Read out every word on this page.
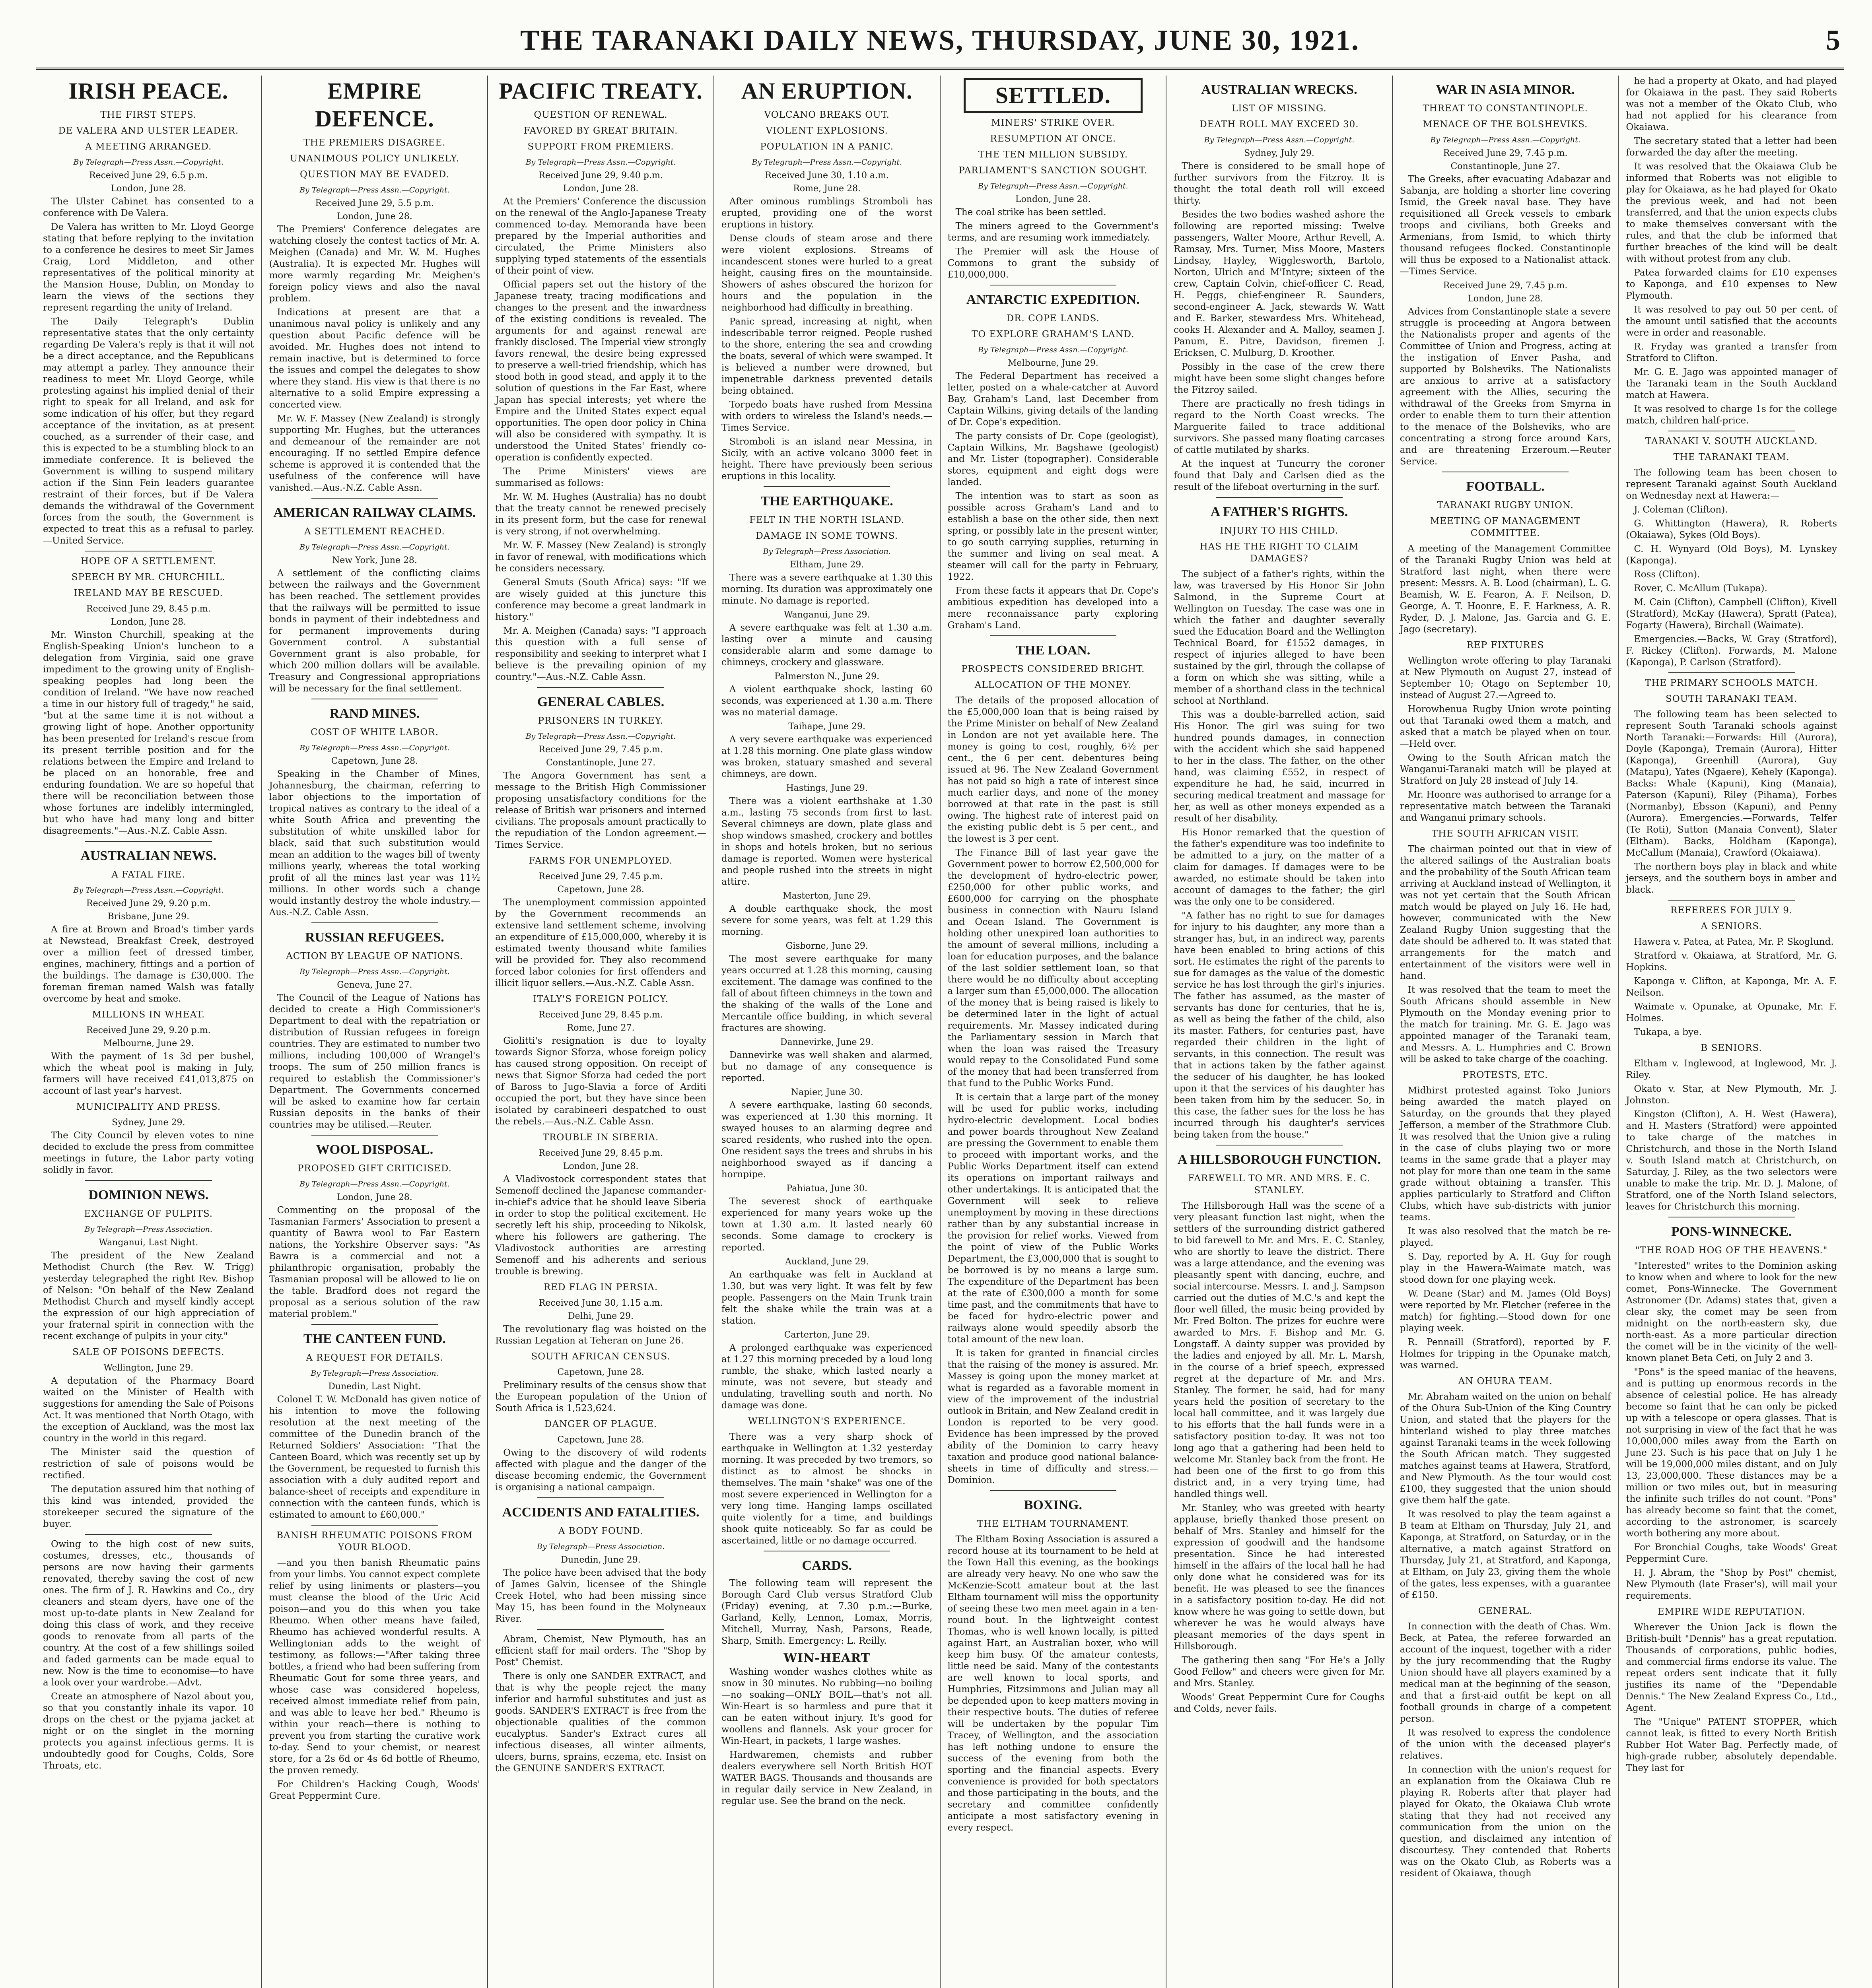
THE TARANAKI DAILY NEWS, THURSDAY, JUNE 30, 1921.	5
IRISH PEACE.
THE FIRST STEPS.
DE VALERA AND ULSTER LEADER.
A MEETING ARRANGED.
By Telegraph—Press Assn.—Copyright.
Received June 29, 6.5 p.m.
London, June 28.

The Ulster Cabinet has consented to a conference with De Valera.

De Valera has written to Mr. Lloyd George stating that before replying to the invitation to a conference he desires to meet Sir James Craig, Lord Middleton, and other representatives of the political minority at the Mansion House, Dublin, on Monday to learn the views of the sections they represent regarding the unity of Ireland.

The Daily Telegraph's Dublin representative states that the only certainty regarding De Valera's reply is that it will not be a direct acceptance, and the Republicans may attempt a parley. They announce their readiness to meet Mr. Lloyd George, while protesting against his implied denial of their right to speak for all Ireland, and ask for some indication of his offer, but they regard acceptance of the invitation, as at present couched, as a surrender of their case, and this is expected to be a stumbling block to an immediate conference. It is believed the Government is willing to suspend military action if the Sinn Fein leaders guarantee restraint of their forces, but if De Valera demands the withdrawal of the Government forces from the south, the Government is expected to treat this as a refusal to parley.—United Service.

HOPE OF A SETTLEMENT.
SPEECH BY MR. CHURCHILL.
IRELAND MAY BE RESCUED.
Received June 29, 8.45 p.m.
London, June 28.

Mr. Winston Churchill, speaking at the English-Speaking Union's luncheon to a delegation from Virginia, said one grave impediment to the growing unity of English-speaking peoples had long been the condition of Ireland. "We have now reached a time in our history full of tragedy," he said, "but at the same time it is not without a growing light of hope. Another opportunity has been presented for Ireland's rescue from its present terrible position and for the relations between the Empire and Ireland to be placed on an honorable, free and enduring foundation. We are so hopeful that there will be reconciliation between those whose fortunes are indelibly intermingled, but who have had many long and bitter disagreements."—Aus.-N.Z. Cable Assn.

AUSTRALIAN NEWS.
A FATAL FIRE.
By Telegraph—Press Assn.—Copyright.
Received June 29, 9.20 p.m.
Brisbane, June 29.

A fire at Brown and Broad's timber yards at Newstead, Breakfast Creek, destroyed over a million feet of dressed timber, engines, machinery, fittings and a portion of the buildings. The damage is £30,000. The foreman fireman named Walsh was fatally overcome by heat and smoke.

MILLIONS IN WHEAT.
Received June 29, 9.20 p.m.
Melbourne, June 29.

With the payment of 1s 3d per bushel, which the wheat pool is making in July, farmers will have received £41,013,875 on account of last year's harvest.

MUNICIPALITY AND PRESS.
Sydney, June 29.

The City Council by eleven votes to nine decided to exclude the press from committee meetings in future, the Labor party voting solidly in favor.

DOMINION NEWS.
EXCHANGE OF PULPITS.
By Telegraph—Press Association.
Wanganui, Last Night.

The president of the New Zealand Methodist Church (the Rev. W. Trigg) yesterday telegraphed the right Rev. Bishop of Nelson: "On behalf of the New Zealand Methodist Church and myself kindly accept the expression of our high appreciation of your fraternal spirit in connection with the recent exchange of pulpits in your city."

SALE OF POISONS DEFECTS.
Wellington, June 29.

A deputation of the Pharmacy Board waited on the Minister of Health with suggestions for amending the Sale of Poisons Act. It was mentioned that North Otago, with the exception of Auckland, was the most lax country in the world in this regard.

The Minister said the question of restriction of sale of poisons would be rectified.

The deputation assured him that nothing of this kind was intended, provided the storekeeper secured the signature of the buyer.

Owing to the high cost of new suits, costumes, dresses, etc., thousands of persons are now having their garments renovated, thereby saving the cost of new ones. The firm of J. R. Hawkins and Co., dry cleaners and steam dyers, have one of the most up-to-date plants in New Zealand for doing this class of work, and they receive goods to renovate from all parts of the country. At the cost of a few shillings soiled and faded garments can be made equal to new. Now is the time to economise—to have a look over your wardrobe.—Advt.

Create an atmosphere of Nazol about you, so that you constantly inhale its vapor. 10 drops on the chest or the pyjama jacket at night or on the singlet in the morning protects you against infectious germs. It is undoubtedly good for Coughs, Colds, Sore Throats, etc.

EMPIRE DEFENCE.
THE PREMIERS DISAGREE.
UNANIMOUS POLICY UNLIKELY.
QUESTION MAY BE EVADED.
By Telegraph—Press Assn.—Copyright.
Received June 29, 5.5 p.m.
London, June 28.

The Premiers' Conference delegates are watching closely the contest tactics of Mr. A. Meighen (Canada) and Mr. W. M. Hughes (Australia). It is expected Mr. Hughes will more warmly regarding Mr. Meighen's foreign policy views and also the naval problem.

Indications at present are that a unanimous naval policy is unlikely and any question about Pacific defence will be avoided. Mr. Hughes does not intend to remain inactive, but is determined to force the issues and compel the delegates to show where they stand. His view is that there is no alternative to a solid Empire expressing a concerted view.

Mr. W. F. Massey (New Zealand) is strongly supporting Mr. Hughes, but the utterances and demeanour of the remainder are not encouraging. If no settled Empire defence scheme is approved it is contended that the usefulness of the conference will have vanished.—Aus.-N.Z. Cable Assn.

AMERICAN RAILWAY CLAIMS.
A SETTLEMENT REACHED.
By Telegraph—Press Assn.—Copyright.
New York, June 28.

A settlement of the conflicting claims between the railways and the Government has been reached. The settlement provides that the railways will be permitted to issue bonds in payment of their indebtedness and for permanent improvements during Government control. A substantial Government grant is also probable, for which 200 million dollars will be available. Treasury and Congressional appropriations will be necessary for the final settlement.

RAND MINES.
COST OF WHITE LABOR.
By Telegraph—Press Assn.—Copyright.
Capetown, June 28.

Speaking in the Chamber of Mines, Johannesburg, the chairman, referring to labor objections to the importation of tropical natives as contrary to the ideal of a white South Africa and preventing the substitution of white unskilled labor for black, said that such substitution would mean an addition to the wages bill of twenty millions yearly, whereas the total working profit of all the mines last year was 11½ millions. In other words such a change would instantly destroy the whole industry.—Aus.-N.Z. Cable Assn.

RUSSIAN REFUGEES.
ACTION BY LEAGUE OF NATIONS.
By Telegraph—Press Assn.—Copyright.
Geneva, June 27.

The Council of the League of Nations has decided to create a High Commissioner's Department to deal with the repatriation or distribution of Russian refugees in foreign countries. They are estimated to number two millions, including 100,000 of Wrangel's troops. The sum of 250 million francs is required to establish the Commissioner's Department. The Governments concerned will be asked to examine how far certain Russian deposits in the banks of their countries may be utilised.—Reuter.

WOOL DISPOSAL.
PROPOSED GIFT CRITICISED.
By Telegraph—Press Assn.—Copyright.
London, June 28.

Commenting on the proposal of the Tasmanian Farmers' Association to present a quantity of Bawra wool to Far Eastern nations, the Yorkshire Observer says: "As Bawra is a commercial and not a philanthropic organisation, probably the Tasmanian proposal will be allowed to lie on the table. Bradford does not regard the proposal as a serious solution of the raw material problem."

THE CANTEEN FUND.
A REQUEST FOR DETAILS.
By Telegraph—Press Association.
Dunedin, Last Night.

Colonel T. W. McDonald has given notice of his intention to move the following resolution at the next meeting of the committee of the Dunedin branch of the Returned Soldiers' Association: "That the Canteen Board, which was recently set up by the Government, be requested to furnish this association with a duly audited report and balance-sheet of receipts and expenditure in connection with the canteen funds, which is estimated to amount to £60,000."

BANISH RHEUMATIC POISONS FROM YOUR BLOOD.

—and you then banish Rheumatic pains from your limbs. You cannot expect complete relief by using liniments or plasters—you must cleanse the blood of the Uric Acid poison—and you do this when you take Rheumo. When other means have failed, Rheumo has achieved wonderful results. A Wellingtonian adds to the weight of testimony, as follows:—"After taking three bottles, a friend who had been suffering from Rheumatic Gout for some three years, and whose case was considered hopeless, received almost immediate relief from pain, and was able to leave her bed." Rheumo is within your reach—there is nothing to prevent you from starting the curative work to-day. Send to your chemist, or nearest store, for a 2s 6d or 4s 6d bottle of Rheumo, the proven remedy.

For Children's Hacking Cough, Woods' Great Peppermint Cure.

PACIFIC TREATY.
QUESTION OF RENEWAL.
FAVORED BY GREAT BRITAIN.
SUPPORT FROM PREMIERS.
By Telegraph—Press Assn.—Copyright.
Received June 29, 9.40 p.m.
London, June 28.

At the Premiers' Conference the discussion on the renewal of the Anglo-Japanese Treaty commenced to-day. Memoranda have been prepared by the Imperial authorities and circulated, the Prime Ministers also supplying typed statements of the essentials of their point of view.

Official papers set out the history of the Japanese treaty, tracing modifications and changes to the present and the inwardness of the existing conditions is revealed. The arguments for and against renewal are frankly disclosed. The Imperial view strongly favors renewal, the desire being expressed to preserve a well-tried friendship, which has stood both in good stead, and apply it to the solution of questions in the Far East, where Japan has special interests; yet where the Empire and the United States expect equal opportunities. The open door policy in China will also be considered with sympathy. It is understood the United States' friendly co-operation is confidently expected.

The Prime Ministers' views are summarised as follows:

Mr. W. M. Hughes (Australia) has no doubt that the treaty cannot be renewed precisely in its present form, but the case for renewal is very strong, if not overwhelming.

Mr. W. F. Massey (New Zealand) is strongly in favor of renewal, with modifications which he considers necessary.

General Smuts (South Africa) says: "If we are wisely guided at this juncture this conference may become a great landmark in history."

Mr. A. Meighen (Canada) says: "I approach this question with a full sense of responsibility and seeking to interpret what I believe is the prevailing opinion of my country."—Aus.-N.Z. Cable Assn.

GENERAL CABLES.
PRISONERS IN TURKEY.
By Telegraph—Press Assn.—Copyright.
Received June 29, 7.45 p.m.
Constantinople, June 27.

The Angora Government has sent a message to the British High Commissioner proposing unsatisfactory conditions for the release of British war prisoners and interned civilians. The proposals amount practically to the repudiation of the London agreement.—Times Service.

FARMS FOR UNEMPLOYED.
Received June 29, 7.45 p.m.
Capetown, June 28.

The unemployment commission appointed by the Government recommends an extensive land settlement scheme, involving an expenditure of £15,000,000, whereby it is estimated twenty thousand white families will be provided for. They also recommend forced labor colonies for first offenders and illicit liquor sellers.—Aus.-N.Z. Cable Assn.

ITALY'S FOREIGN POLICY.
Received June 29, 8.45 p.m.
Rome, June 27.

Giolitti's resignation is due to loyalty towards Signor Sforza, whose foreign policy has caused strong opposition. On receipt of news that Signor Sforza had ceded the port of Baross to Jugo-Slavia a force of Arditi occupied the port, but they have since been isolated by carabineeri despatched to oust the rebels.—Aus.-N.Z. Cable Assn.

TROUBLE IN SIBERIA.
Received June 29, 8.45 p.m.
London, June 28.

A Vladivostock correspondent states that Semenoff declined the Japanese commander-in-chief's advice that he should leave Siberia in order to stop the political excitement. He secretly left his ship, proceeding to Nikolsk, where his followers are gathering. The Vladivostock authorities are arresting Semenoff and his adherents and serious trouble is brewing.

RED FLAG IN PERSIA.
Received June 30, 1.15 a.m.
Delhi, June 29.

The revolutionary flag was hoisted on the Russian Legation at Teheran on June 26.

SOUTH AFRICAN CENSUS.
Capetown, June 28.

Preliminary results of the census show that the European population of the Union of South Africa is 1,523,624.

DANGER OF PLAGUE.
Capetown, June 28.

Owing to the discovery of wild rodents affected with plague and the danger of the disease becoming endemic, the Government is organising a national campaign.

ACCIDENTS AND FATALITIES.
A BODY FOUND.
By Telegraph—Press Association.
Dunedin, June 29.

The police have been advised that the body of James Galvin, licensee of the Shingle Creek Hotel, who had been missing since May 15, has been found in the Molyneaux River.

Abram, Chemist, New Plymouth, has an efficient staff for mail orders. The "Shop by Post" Chemist.

There is only one SANDER EXTRACT, and that is why the people reject the many inferior and harmful substitutes and just as goods. SANDER'S EXTRACT is free from the objectionable qualities of the common eucalyptus. Sander's Extract cures all infectious diseases, all winter ailments, ulcers, burns, sprains, eczema, etc. Insist on the GENUINE SANDER'S EXTRACT.

AN ERUPTION.
VOLCANO BREAKS OUT.
VIOLENT EXPLOSIONS.
POPULATION IN A PANIC.
By Telegraph—Press Assn.—Copyright.
Received June 30, 1.10 a.m.
Rome, June 28.

After ominous rumblings Stromboli has erupted, providing one of the worst eruptions in history.

Dense clouds of steam arose and there were violent explosions. Streams of incandescent stones were hurled to a great height, causing fires on the mountainside. Showers of ashes obscured the horizon for hours and the population in the neighborhood had difficulty in breathing.

Panic spread, increasing at night, when indescribable terror reigned. People rushed to the shore, entering the sea and crowding the boats, several of which were swamped. It is believed a number were drowned, but impenetrable darkness prevented details being obtained.

Torpedo boats have rushed from Messina with orders to wireless the Island's needs.—Times Service.

Stromboli is an island near Messina, in Sicily, with an active volcano 3000 feet in height. There have previously been serious eruptions in this locality.

THE EARTHQUAKE.
FELT IN THE NORTH ISLAND.
DAMAGE IN SOME TOWNS.
By Telegraph—Press Association.
Eltham, June 29.

There was a severe earthquake at 1.30 this morning. Its duration was approximately one minute. No damage is reported.

Wanganui, June 29.

A severe earthquake was felt at 1.30 a.m. lasting over a minute and causing considerable alarm and some damage to chimneys, crockery and glassware.

Palmerston N., June 29.

A violent earthquake shock, lasting 60 seconds, was experienced at 1.30 a.m. There was no material damage.

Taihape, June 29.

A very severe earthquake was experienced at 1.28 this morning. One plate glass window was broken, statuary smashed and several chimneys, are down.

Hastings, June 29.

There was a violent earthshake at 1.30 a.m., lasting 75 seconds from first to last. Several chimneys are down, plate glass and shop windows smashed, crockery and bottles in shops and hotels broken, but no serious damage is reported. Women were hysterical and people rushed into the streets in night attire.

Masterton, June 29.

A double earthquake shock, the most severe for some years, was felt at 1.29 this morning.

Gisborne, June 29.

The most severe earthquake for many years occurred at 1.28 this morning, causing excitement. The damage was confined to the fall of about fifteen chimneys in the town and the shaking of the walls of the Lone and Mercantile office building, in which several fractures are showing.

Dannevirke, June 29.

Dannevirke was well shaken and alarmed, but no damage of any consequence is reported.

Napier, June 30.

A severe earthquake, lasting 60 seconds, was experienced at 1.30 this morning. It swayed houses to an alarming degree and scared residents, who rushed into the open. One resident says the trees and shrubs in his neighborhood swayed as if dancing a hornpipe.

Pahiatua, June 30.

The severest shock of earthquake experienced for many years woke up the town at 1.30 a.m. It lasted nearly 60 seconds. Some damage to crockery is reported.

Auckland, June 29.

An earthquake was felt in Auckland at 1.30, but was very light. It was felt by few people. Passengers on the Main Trunk train felt the shake while the train was at a station.

Carterton, June 29.

A prolonged earthquake was experienced at 1.27 this morning preceded by a loud long rumble, the shake, which lasted nearly a minute, was not severe, but steady and undulating, travelling south and north. No damage was done.

WELLINGTON'S EXPERIENCE.

There was a very sharp shock of earthquake in Wellington at 1.32 yesterday morning. It was preceded by two tremors, so distinct as to almost be shocks in themselves. The main "shake" was one of the most severe experienced in Wellington for a very long time. Hanging lamps oscillated quite violently for a time, and buildings shook quite noticeably. So far as could be ascertained, little or no damage occurred.

CARDS.

The following team will represent the Borough Card Club versus Stratford Club (Friday) evening, at 7.30 p.m.:—Burke, Garland, Kelly, Lennon, Lomax, Morris, Mitchell, Murray, Nash, Parsons, Reade, Sharp, Smith. Emergency: L. Reilly.

WIN-HEART

Washing wonder washes clothes white as snow in 30 minutes. No rubbing—no boiling—no soaking—ONLY BOIL—that's not all. Win-Heart is so harmless and pure that it can be eaten without injury. It's good for woollens and flannels. Ask your grocer for Win-Heart, in packets, 1 large washes.

Hardwaremen, chemists and rubber dealers everywhere sell North British HOT WATER BAGS. Thousands and thousands are in regular daily service in New Zealand, in regular use. See the brand on the neck.

SETTLED.
MINERS' STRIKE OVER.
RESUMPTION AT ONCE.
THE TEN MILLION SUBSIDY.
PARLIAMENT'S SANCTION SOUGHT.
By Telegraph—Press Assn.—Copyright.
London, June 28.

The coal strike has been settled.

The miners agreed to the Government's terms, and are resuming work immediately.

The Premier will ask the House of Commons to grant the subsidy of £10,000,000.

ANTARCTIC EXPEDITION.
DR. COPE LANDS.
TO EXPLORE GRAHAM'S LAND.
By Telegraph—Press Assn.—Copyright.
Melbourne, June 29.

The Federal Department has received a letter, posted on a whale-catcher at Auvord Bay, Graham's Land, last December from Captain Wilkins, giving details of the landing of Dr. Cope's expedition.

The party consists of Dr. Cope (geologist), Captain Wilkins, Mr. Bagshawe (geologist) and Mr. Lister (topographer). Considerable stores, equipment and eight dogs were landed.

The intention was to start as soon as possible across Graham's Land and to establish a base on the other side, then next spring, or possibly late in the present winter, to go south carrying supplies, returning in the summer and living on seal meat. A steamer will call for the party in February, 1922.

From these facts it appears that Dr. Cope's ambitious expedition has developed into a mere reconnaissance party exploring Graham's Land.

THE LOAN.
PROSPECTS CONSIDERED BRIGHT.
ALLOCATION OF THE MONEY.

The details of the proposed allocation of the £5,000,000 loan that is being raised by the Prime Minister on behalf of New Zealand in London are not yet available here. The money is going to cost, roughly, 6½ per cent., the 6 per cent. debentures being issued at 96. The New Zealand Government has not paid so high a rate of interest since much earlier days, and none of the money borrowed at that rate in the past is still owing. The highest rate of interest paid on the existing public debt is 5 per cent., and the lowest is 3 per cent.

The Finance Bill of last year gave the Government power to borrow £2,500,000 for the development of hydro-electric power, £250,000 for other public works, and £600,000 for carrying on the phosphate business in connection with Nauru Island and Ocean Island. The Government is holding other unexpired loan authorities to the amount of several millions, including a loan for education purposes, and the balance of the last soldier settlement loan, so that there would be no difficulty about accepting a larger sum than £5,000,000. The allocation of the money that is being raised is likely to be determined later in the light of actual requirements. Mr. Massey indicated during the Parliamentary session in March that when the loan was raised the Treasury would repay to the Consolidated Fund some of the money that had been transferred from that fund to the Public Works Fund.

It is certain that a large part of the money will be used for public works, including hydro-electric development. Local bodies and power boards throughout New Zealand are pressing the Government to enable them to proceed with important works, and the Public Works Department itself can extend its operations on important railways and other undertakings. It is anticipated that the Government will seek to relieve unemployment by moving in these directions rather than by any substantial increase in the provision for relief works. Viewed from the point of view of the Public Works Department, the £3,000,000 that is sought to be borrowed is by no means a large sum. The expenditure of the Department has been at the rate of £300,000 a month for some time past, and the commitments that have to be faced for hydro-electric power and railways alone would speedily absorb the total amount of the new loan.

It is taken for granted in financial circles that the raising of the money is assured. Mr. Massey is going upon the money market at what is regarded as a favorable moment in view of the improvement of the industrial outlook in Britain, and New Zealand credit in London is reported to be very good. Evidence has been impressed by the proved ability of the Dominion to carry heavy taxation and produce good national balance-sheets in time of difficulty and stress.—Dominion.

BOXING.
THE ELTHAM TOURNAMENT.

The Eltham Boxing Association is assured a record house at its tournament to be held at the Town Hall this evening, as the bookings are already very heavy. No one who saw the McKenzie-Scott amateur bout at the last Eltham tournament will miss the opportunity of seeing these two men meet again in a ten-round bout. In the lightweight contest Thomas, who is well known locally, is pitted against Hart, an Australian boxer, who will keep him busy. Of the amateur contests, little need be said. Many of the contestants are well known to local sports, and Humphries, Fitzsimmons and Julian may all be depended upon to keep matters moving in their respective bouts. The duties of referee will be undertaken by the popular Tim Tracey, of Wellington, and the association has left nothing undone to ensure the success of the evening from both the sporting and the financial aspects. Every convenience is provided for both spectators and those participating in the bouts, and the secretary and committee confidently anticipate a most satisfactory evening in every respect.

AUSTRALIAN WRECKS.
LIST OF MISSING.
DEATH ROLL MAY EXCEED 30.
By Telegraph—Press Assn.—Copyright.
Sydney, July 29.

There is considered to be small hope of further survivors from the Fitzroy. It is thought the total death roll will exceed thirty.

Besides the two bodies washed ashore the following are reported missing: Twelve passengers, Walter Moore, Arthur Revell, A. Ramsay, Mrs. Turner, Miss Moore, Masters Lindsay, Hayley, Wigglesworth, Bartolo, Norton, Ulrich and M'Intyre; sixteen of the crew, Captain Colvin, chief-officer C. Read, H. Peggs, chief-engineer R. Saunders, second-engineer A. Jack, stewards W. Watt and E. Barker, stewardess Mrs. Whitehead, cooks H. Alexander and A. Malloy, seamen J. Panum, E. Pitre, Davidson, firemen J. Ericksen, C. Mulburg, D. Kroother.

Possibly in the case of the crew there might have been some slight changes before the Fitzroy sailed.

There are practically no fresh tidings in regard to the North Coast wrecks. The Marguerite failed to trace additional survivors. She passed many floating carcases of cattle mutilated by sharks.

At the inquest at Tuncurry the coroner found that Daly and Carlsen died as the result of the lifeboat overturning in the surf.

A FATHER'S RIGHTS.
INJURY TO HIS CHILD.
HAS HE THE RIGHT TO CLAIM DAMAGES?

The subject of a father's rights, within the law, was traversed by His Honor Sir John Salmond, in the Supreme Court at Wellington on Tuesday. The case was one in which the father and daughter severally sued the Education Board and the Wellington Technical Board, for £1552 damages, in respect of injuries alleged to have been sustained by the girl, through the collapse of a form on which she was sitting, while a member of a shorthand class in the technical school at Northland.

This was a double-barrelled action, said His Honor. The girl was suing for two hundred pounds damages, in connection with the accident which she said happened to her in the class. The father, on the other hand, was claiming £552, in respect of expenditure he had, he said, incurred in securing medical treatment and massage for her, as well as other moneys expended as a result of her disability.

His Honor remarked that the question of the father's expenditure was too indefinite to be admitted to a jury, on the matter of a claim for damages. If damages were to be awarded, no estimate should be taken into account of damages to the father; the girl was the only one to be considered.

"A father has no right to sue for damages for injury to his daughter, any more than a stranger has, but, in an indirect way, parents have been enabled to bring actions of this sort. He estimates the right of the parents to sue for damages as the value of the domestic service he has lost through the girl's injuries. The father has assumed, as the master of servants has done for centuries, that he is, as well as being the father of the child, also its master. Fathers, for centuries past, have regarded their children in the light of servants, in this connection. The result was that in actions taken by the father against the seducer of his daughter, he has looked upon it that the services of his daughter has been taken from him by the seducer. So, in this case, the father sues for the loss he has incurred through his daughter's services being taken from the house."

A HILLSBOROUGH FUNCTION.
FAREWELL TO MR. AND MRS. E. C. STANLEY.

The Hillsborough Hall was the scene of a very pleasant function last night, when the settlers of the surrounding district gathered to bid farewell to Mr. and Mrs. E. C. Stanley, who are shortly to leave the district. There was a large attendance, and the evening was pleasantly spent with dancing, euchre, and social intercourse. Messrs. I. and J. Sampson carried out the duties of M.C.'s and kept the floor well filled, the music being provided by Mr. Fred Bolton. The prizes for euchre were awarded to Mrs. F. Bishop and Mr. G. Longstaff. A dainty supper was provided by the ladies and enjoyed by all. Mr. L. Marsh, in the course of a brief speech, expressed regret at the departure of Mr. and Mrs. Stanley. The former, he said, had for many years held the position of secretary to the local hall committee, and it was largely due to his efforts that the hall funds were in a satisfactory position to-day. It was not too long ago that a gathering had been held to welcome Mr. Stanley back from the front. He had been one of the first to go from this district and, in a very trying time, had handled things well.

Mr. Stanley, who was greeted with hearty applause, briefly thanked those present on behalf of Mrs. Stanley and himself for the expression of goodwill and the handsome presentation. Since he had interested himself in the affairs of the local hall he had only done what he considered was for its benefit. He was pleased to see the finances in a satisfactory position to-day. He did not know where he was going to settle down, but wherever he was he would always have pleasant memories of the days spent in Hillsborough.

The gathering then sang "For He's a Jolly Good Fellow" and cheers were given for Mr. and Mrs. Stanley.

Woods' Great Peppermint Cure for Coughs and Colds, never fails.

WAR IN ASIA MINOR.
THREAT TO CONSTANTINOPLE.
MENACE OF THE BOLSHEVIKS.
By Telegraph—Press Assn.—Copyright.
Received June 29, 7.45 p.m.
Constantinople, June 27.

The Greeks, after evacuating Adabazar and Sabanja, are holding a shorter line covering Ismid, the Greek naval base. They have requisitioned all Greek vessels to embark troops and civilians, both Greeks and Armenians, from Ismid, to which thirty thousand refugees flocked. Constantinople will thus be exposed to a Nationalist attack.—Times Service.

Received June 29, 7.45 p.m.
London, June 28.

Advices from Constantinople state a severe struggle is proceeding at Angora between the Nationalists proper and agents of the Committee of Union and Progress, acting at the instigation of Enver Pasha, and supported by Bolsheviks. The Nationalists are anxious to arrive at a satisfactory agreement with the Allies, securing the withdrawal of the Greeks from Smyrna in order to enable them to turn their attention to the menace of the Bolsheviks, who are concentrating a strong force around Kars, and are threatening Erzeroum.—Reuter Service.

FOOTBALL.
TARANAKI RUGBY UNION.
MEETING OF MANAGEMENT COMMITTEE.

A meeting of the Management Committee of the Taranaki Rugby Union was held at Stratford last night, when there were present: Messrs. A. B. Lood (chairman), L. G. Beamish, W. E. Fearon, A. F. Neilson, D. George, A. T. Hoonre, E. F. Harkness, A. R. Ryder, D. J. Malone, Jas. Garcia and G. E. Jago (secretary).

REP FIXTURES

Wellington wrote offering to play Taranaki at New Plymouth on August 27, instead of September 10; Otago on September 10, instead of August 27.—Agreed to.

Horowhenua Rugby Union wrote pointing out that Taranaki owed them a match, and asked that a match be played when on tour.—Held over.

Owing to the South African match the Wanganui-Taranaki match will be played at Stratford on July 28 instead of July 14.

Mr. Hoonre was authorised to arrange for a representative match between the Taranaki and Wanganui primary schools.

THE SOUTH AFRICAN VISIT.

The chairman pointed out that in view of the altered sailings of the Australian boats and the probability of the South African team arriving at Auckland instead of Wellington, it was not yet certain that the South African match would be played on July 16. He had, however, communicated with the New Zealand Rugby Union suggesting that the date should be adhered to. It was stated that arrangements for the match and entertainment of the visitors were well in hand.

It was resolved that the team to meet the South Africans should assemble in New Plymouth on the Monday evening prior to the match for training. Mr. G. E. Jago was appointed manager of the Taranaki team, and Messrs. A. L. Humphries and C. Brown will be asked to take charge of the coaching.

PROTESTS, ETC.

Midhirst protested against Toko Juniors being awarded the match played on Saturday, on the grounds that they played Jefferson, a member of the Strathmore Club. It was resolved that the Union give a ruling in the case of clubs playing two or more teams in the same grade that a player may not play for more than one team in the same grade without obtaining a transfer. This applies particularly to Stratford and Clifton Clubs, which have sub-districts with junior teams.

It was also resolved that the match be re-played.

S. Day, reported by A. H. Guy for rough play in the Hawera-Waimate match, was stood down for one playing week.

W. Deane (Star) and M. James (Old Boys) were reported by Mr. Fletcher (referee in the match) for fighting.—Stood down for one playing week.

R. Pennaill (Stratford), reported by F. Holmes for tripping in the Opunake match, was warned.

AN OHURA TEAM.

Mr. Abraham waited on the union on behalf of the Ohura Sub-Union of the King Country Union, and stated that the players for the hinterland wished to play three matches against Taranaki teams in the week following the South African match. They suggested matches against teams at Hawera, Stratford, and New Plymouth. As the tour would cost £100, they suggested that the union should give them half the gate.

It was resolved to play the team against a B team at Eltham on Thursday, July 21, and Kaponga, at Stratford, on Saturday, or in the alternative, a match against Stratford on Thursday, July 21, at Stratford, and Kaponga, at Eltham, on July 23, giving them the whole of the gates, less expenses, with a guarantee of £150.

GENERAL.

In connection with the death of Chas. Wm. Beck, at Patea, the referee forwarded an account of the inquest, together with a rider by the jury recommending that the Rugby Union should have all players examined by a medical man at the beginning of the season, and that a first-aid outfit be kept on all football grounds in charge of a competent person.

It was resolved to express the condolence of the union with the deceased player's relatives.

In connection with the union's request for an explanation from the Okaiawa Club re playing R. Roberts after that player had played for Okato, the Okaiawa Club wrote stating that they had not received any communication from the union on the question, and disclaimed any intention of discourtesy. They contended that Roberts was on the Okato Club, as Roberts was a resident of Okaiawa, though

he had a property at Okato, and had played for Okaiawa in the past. They said Roberts was not a member of the Okato Club, who had not applied for his clearance from Okaiawa.

The secretary stated that a letter had been forwarded the day after the meeting.

It was resolved that the Okaiawa Club be informed that Roberts was not eligible to play for Okaiawa, as he had played for Okato the previous week, and had not been transferred, and that the union expects clubs to make themselves conversant with the rules, and that the club be informed that further breaches of the kind will be dealt with without protest from any club.

Patea forwarded claims for £10 expenses to Kaponga, and £10 expenses to New Plymouth.

It was resolved to pay out 50 per cent. of the amount until satisfied that the accounts were in order and reasonable.

R. Fryday was granted a transfer from Stratford to Clifton.

Mr. G. E. Jago was appointed manager of the Taranaki team in the South Auckland match at Hawera.

It was resolved to charge 1s for the college match, children half-price.

TARANAKI V. SOUTH AUCKLAND.
THE TARANAKI TEAM.

The following team has been chosen to represent Taranaki against South Auckland on Wednesday next at Hawera:—

J. Coleman (Clifton).

G. Whittington (Hawera), R. Roberts (Okaiawa), Sykes (Old Boys).

C. H. Wynyard (Old Boys), M. Lynskey (Kaponga).

Ross (Clifton).

Rover, C. McAllum (Tukapa).

M. Cain (Clifton), Campbell (Clifton), Kivell (Stratford), McKay (Hawera), Spratt (Patea), Fogarty (Hawera), Birchall (Waimate).

Emergencies.—Backs, W. Gray (Stratford), F. Rickey (Clifton). Forwards, M. Malone (Kaponga), P. Carlson (Stratford).

THE PRIMARY SCHOOLS MATCH.
SOUTH TARANAKI TEAM.

The following team has been selected to represent South Taranaki schools against North Taranaki:—Forwards: Hill (Aurora), Doyle (Kaponga), Tremain (Aurora), Hitter (Kaponga), Greenhill (Aurora), Guy (Matapu), Yates (Ngaere), Kehely (Kaponga). Backs: Whale (Kapuni), King (Manaia), Paterson (Kapuni), Riley (Pihama), Forbes (Normanby), Ebsson (Kapuni), and Penny (Aurora). Emergencies.—Forwards, Telfer (Te Roti), Sutton (Manaia Convent), Slater (Eltham). Backs, Holdham (Kaponga), McCallum (Manaia), Crawford (Okaiawa).

The northern boys play in black and white jerseys, and the southern boys in amber and black.

REFEREES FOR JULY 9.
A SENIORS.

Hawera v. Patea, at Patea, Mr. P. Skoglund.

Stratford v. Okaiawa, at Stratford, Mr. G. Hopkins.

Kaponga v. Clifton, at Kaponga, Mr. A. F. Neilson.

Waimate v. Opunake, at Opunake, Mr. F. Holmes.

Tukapa, a bye.

B SENIORS.

Eltham v. Inglewood, at Inglewood, Mr. J. Riley.

Okato v. Star, at New Plymouth, Mr. J. Johnston.

Kingston (Clifton), A. H. West (Hawera), and H. Masters (Stratford) were appointed to take charge of the matches in Christchurch, and those in the North Island v. South Island match at Christchurch, on Saturday, J. Riley, as the two selectors were unable to make the trip. Mr. D. J. Malone, of Stratford, one of the North Island selectors, leaves for Christchurch this morning.

PONS-WINNECKE.
"THE ROAD HOG OF THE HEAVENS."

"Interested" writes to the Dominion asking to know when and where to look for the new comet, Pons-Winnecke. The Government Astronomer (Dr. Adams) states that, given a clear sky, the comet may be seen from midnight on the north-eastern sky, due north-east. As a more particular direction the comet will be in the vicinity of the well-known planet Beta Ceti, on July 2 and 3.

"Pons" is the speed maniac of the heavens, and is putting up enormous records in the absence of celestial police. He has already become so faint that he can only be picked up with a telescope or opera glasses. That is not surprising in view of the fact that he was 10,000,000 miles away from the Earth on June 23. Such is his pace that on July 1 he will be 19,000,000 miles distant, and on July 13, 23,000,000. These distances may be a million or two miles out, but in measuring the infinite such trifles do not count. "Pons" has already become so faint that the comet, according to the astronomer, is scarcely worth bothering any more about.

For Bronchial Coughs, take Woods' Great Peppermint Cure.

H. J. Abram, the "Shop by Post" chemist, New Plymouth (late Fraser's), will mail your requirements.

EMPIRE WIDE REPUTATION.

Wherever the Union Jack is flown the British-built "Dennis" has a great reputation. Thousands of corporations, public bodies, and commercial firms endorse its value. The repeat orders sent indicate that it fully justifies its name of the "Dependable Dennis." The New Zealand Express Co., Ltd., Agent.

The "Unique" PATENT STOPPER, which cannot leak, is fitted to every North British Rubber Hot Water Bag. Perfectly made, of high-grade rubber, absolutely dependable. They last for
